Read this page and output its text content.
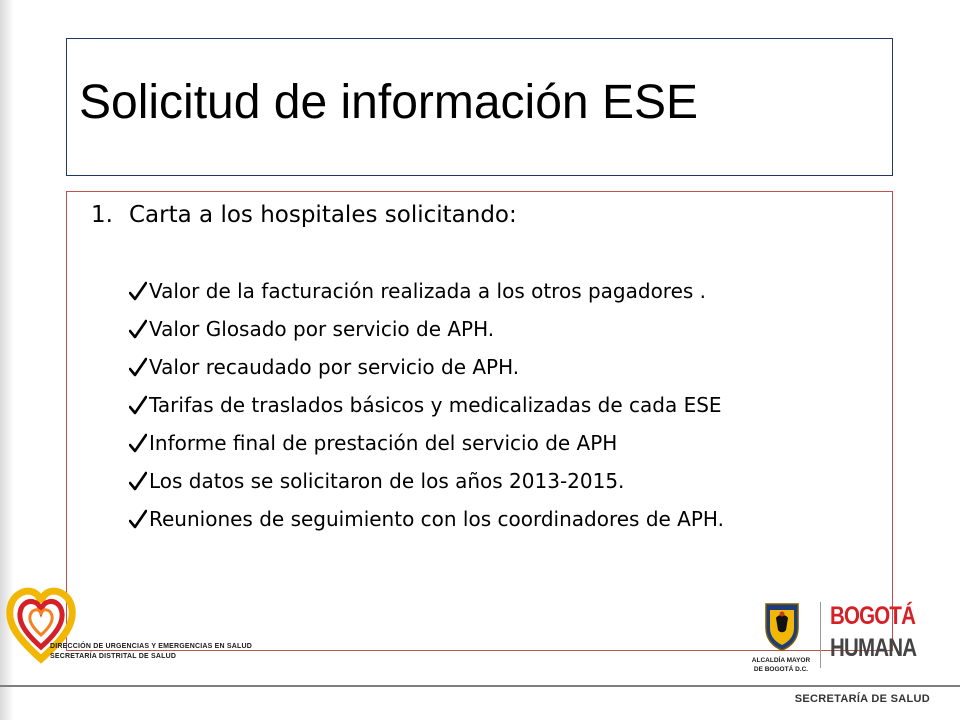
Solicitud de información ESE
1. Carta a los hospitales solicitando:
Valor de la facturación realizada a los otros pagadores .
Valor Glosado por servicio de APH.
Valor recaudado por servicio de APH.
Tarifas de traslados básicos y medicalizadas de cada ESE
Informe final de prestación del servicio de APH
Los datos se solicitaron de los años 2013-2015.
Reuniones de seguimiento con los coordinadores de APH.
DIRECCIÓN DE URGENCIAS Y EMERGENCIAS EN SALUD
SECRETARÍA DISTRITAL DE SALUD
ALCALDÍA MAYOR
DE BOGOTÁ D.C.
BOGOTÁ
HUMANA
SECRETARÍA DE SALUD
